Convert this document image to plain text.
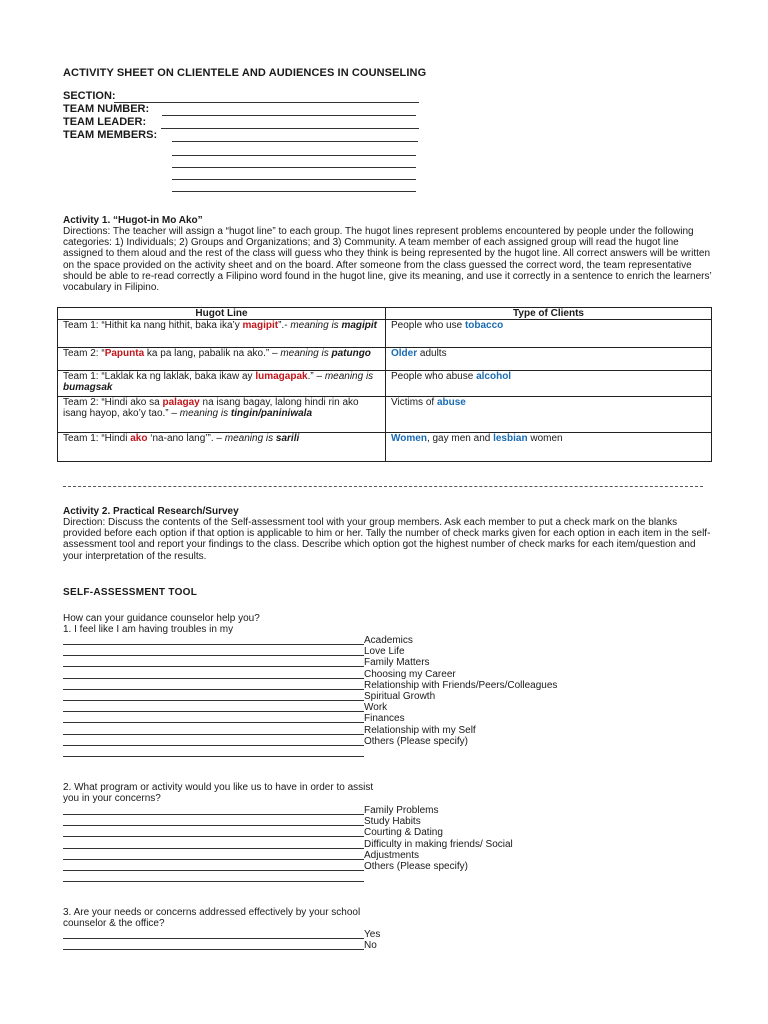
ACTIVITY SHEET ON CLIENTELE AND AUDIENCES IN COUNSELING
SECTION:
TEAM NUMBER:
TEAM LEADER:
TEAM MEMBERS:
Activity 1. “Hugot-in Mo Ako”
Directions: The teacher will assign a “hugot line” to each group. The hugot lines represent problems encountered by people under the following categories: 1) Individuals; 2) Groups and Organizations; and 3) Community. A team member of each assigned group will read the hugot line assigned to them aloud and the rest of the class will guess who they think is being represented by the hugot line. All correct answers will be written on the space provided on the activity sheet and on the board. After someone from the class guessed the correct word, the team representative should be able to re-read correctly a Filipino word found in the hugot line, give its meaning, and use it correctly in a sentence to enrich the learners’ vocabulary in Filipino.
Hugot Line	Type of Clients
Team 1: “Hithit ka nang hithit, baka ika’y magipit”.- meaning is magipit	People who use tobacco
Team 2: “Papunta ka pa lang, pabalik na ako.” – meaning is patungo	Older adults
Team 1: “Laklak ka ng laklak, baka ikaw ay lumagapak.” – meaning is bumagsak	People who abuse alcohol
Team 2: “Hindi ako sa palagay na isang bagay, lalong hindi rin ako isang hayop, ako’y tao.” – meaning is tingin/paniniwala	Victims of abuse
Team 1: “Hindi ako ‘na-ano lang’”. – meaning is sarili	Women, gay men and lesbian women
Activity 2. Practical Research/Survey
Direction: Discuss the contents of the Self-assessment tool with your group members. Ask each member to put a check mark on the blanks provided before each option if that option is applicable to him or her. Tally the number of check marks given for each option in each item in the self-assessment tool and report your findings to the class. Describe which option got the highest number of check marks for each item/question and your interpretation of the results.
SELF-ASSESSMENT TOOL
How can your guidance counselor help you?
1. I feel like I am having troubles in my
Academics
Love Life
Family Matters
Choosing my Career
Relationship with Friends/Peers/Colleagues
Spiritual Growth
Work
Finances
Relationship with my Self
Others (Please specify)
2. What program or activity would you like us to have in order to assist
you in your concerns?
Family Problems
Study Habits
Courting & Dating
Difficulty in making friends/ Social
Adjustments
Others (Please specify)
3. Are your needs or concerns addressed effectively by your school
counselor & the office?
Yes
No
